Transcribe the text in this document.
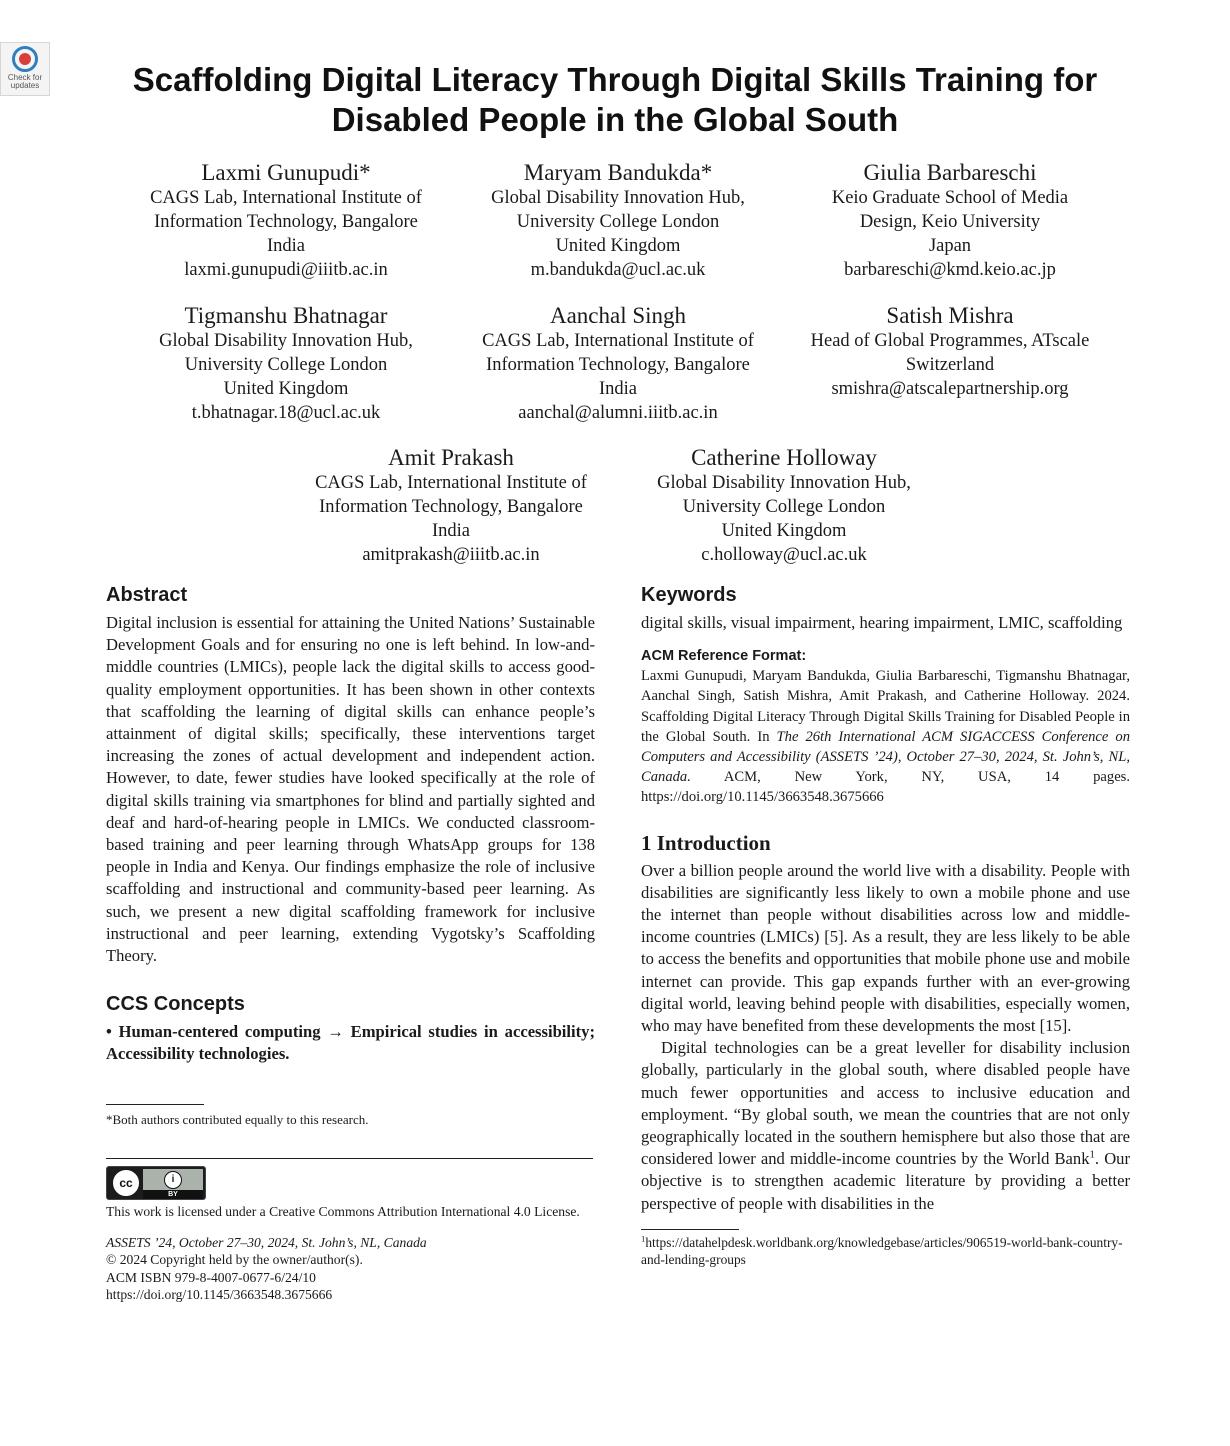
Check for updates	Scaffolding Digital Literacy Through Digital Skills Training for Disabled People in the Global South
Laxmi Gunupudi*
CAGS Lab, International Institute of
Information Technology, Bangalore
India
laxmi.gunupudi@iiitb.ac.in
Maryam Bandukda*
Global Disability Innovation Hub,
University College London
United Kingdom
m.bandukda@ucl.ac.uk
Giulia Barbareschi
Keio Graduate School of Media
Design, Keio University
Japan
barbareschi@kmd.keio.ac.jp
Tigmanshu Bhatnagar
Global Disability Innovation Hub,
University College London
United Kingdom
t.bhatnagar.18@ucl.ac.uk
Aanchal Singh
CAGS Lab, International Institute of
Information Technology, Bangalore
India
aanchal@alumni.iiitb.ac.in
Satish Mishra
Head of Global Programmes, ATscale
Switzerland
smishra@atscalepartnership.org
Amit Prakash
CAGS Lab, International Institute of
Information Technology, Bangalore
India
amitprakash@iiitb.ac.in
Catherine Holloway
Global Disability Innovation Hub,
University College London
United Kingdom
c.holloway@ucl.ac.uk
Abstract

Digital inclusion is essential for attaining the United Nations’ Sustainable Development Goals and for ensuring no one is left behind. In low-and-middle countries (LMICs), people lack the digital skills to access good-quality employment opportunities. It has been shown in other contexts that scaffolding the learning of digital skills can enhance people’s attainment of digital skills; specifically, these interventions target increasing the zones of actual development and independent action. However, to date, fewer studies have looked specifically at the role of digital skills training via smartphones for blind and partially sighted and deaf and hard-of-hearing people in LMICs. We conducted classroom-based training and peer learning through WhatsApp groups for 138 people in India and Kenya. Our findings emphasize the role of inclusive scaffolding and instructional and community-based peer learning. As such, we present a new digital scaffolding framework for inclusive instructional and peer learning, extending Vygotsky’s Scaffolding Theory.

CCS Concepts

• Human-centered computing → Empirical studies in accessibility; Accessibility technologies.

*Both authors contributed equally to this research.
cc	i
BY
This work is licensed under a Creative Commons Attribution International 4.0 License.
ASSETS ’24, October 27–30, 2024, St. John’s, NL, Canada
© 2024 Copyright held by the owner/author(s).
ACM ISBN 979-8-4007-0677-6/24/10
https://doi.org/10.1145/3663548.3675666
Keywords

digital skills, visual impairment, hearing impairment, LMIC, scaffolding

ACM Reference Format:

Laxmi Gunupudi, Maryam Bandukda, Giulia Barbareschi, Tigmanshu Bhatnagar, Aanchal Singh, Satish Mishra, Amit Prakash, and Catherine Holloway. 2024. Scaffolding Digital Literacy Through Digital Skills Training for Disabled People in the Global South. In The 26th International ACM SIGACCESS Conference on Computers and Accessibility (ASSETS ’24), October 27–30, 2024, St. John’s, NL, Canada. ACM, New York, NY, USA, 14 pages. https://doi.org/10.1145/3663548.3675666

1 Introduction

Over a billion people around the world live with a disability. People with disabilities are significantly less likely to own a mobile phone and use the internet than people without disabilities across low and middle-income countries (LMICs) [5]. As a result, they are less likely to be able to access the benefits and opportunities that mobile phone use and mobile internet can provide. This gap expands further with an ever-growing digital world, leaving behind people with disabilities, especially women, who may have benefited from these developments the most [15].

Digital technologies can be a great leveller for disability inclusion globally, particularly in the global south, where disabled people have much fewer opportunities and access to inclusive education and employment. “By global south, we mean the countries that are not only geographically located in the southern hemisphere but also those that are considered lower and middle-income countries by the World Bank$^1$. Our objective is to strengthen academic literature by providing a better perspective of people with disabilities in the

$^1$https://datahelpdesk.worldbank.org/knowledgebase/articles/906519-world-bank-country-and-lending-groups
